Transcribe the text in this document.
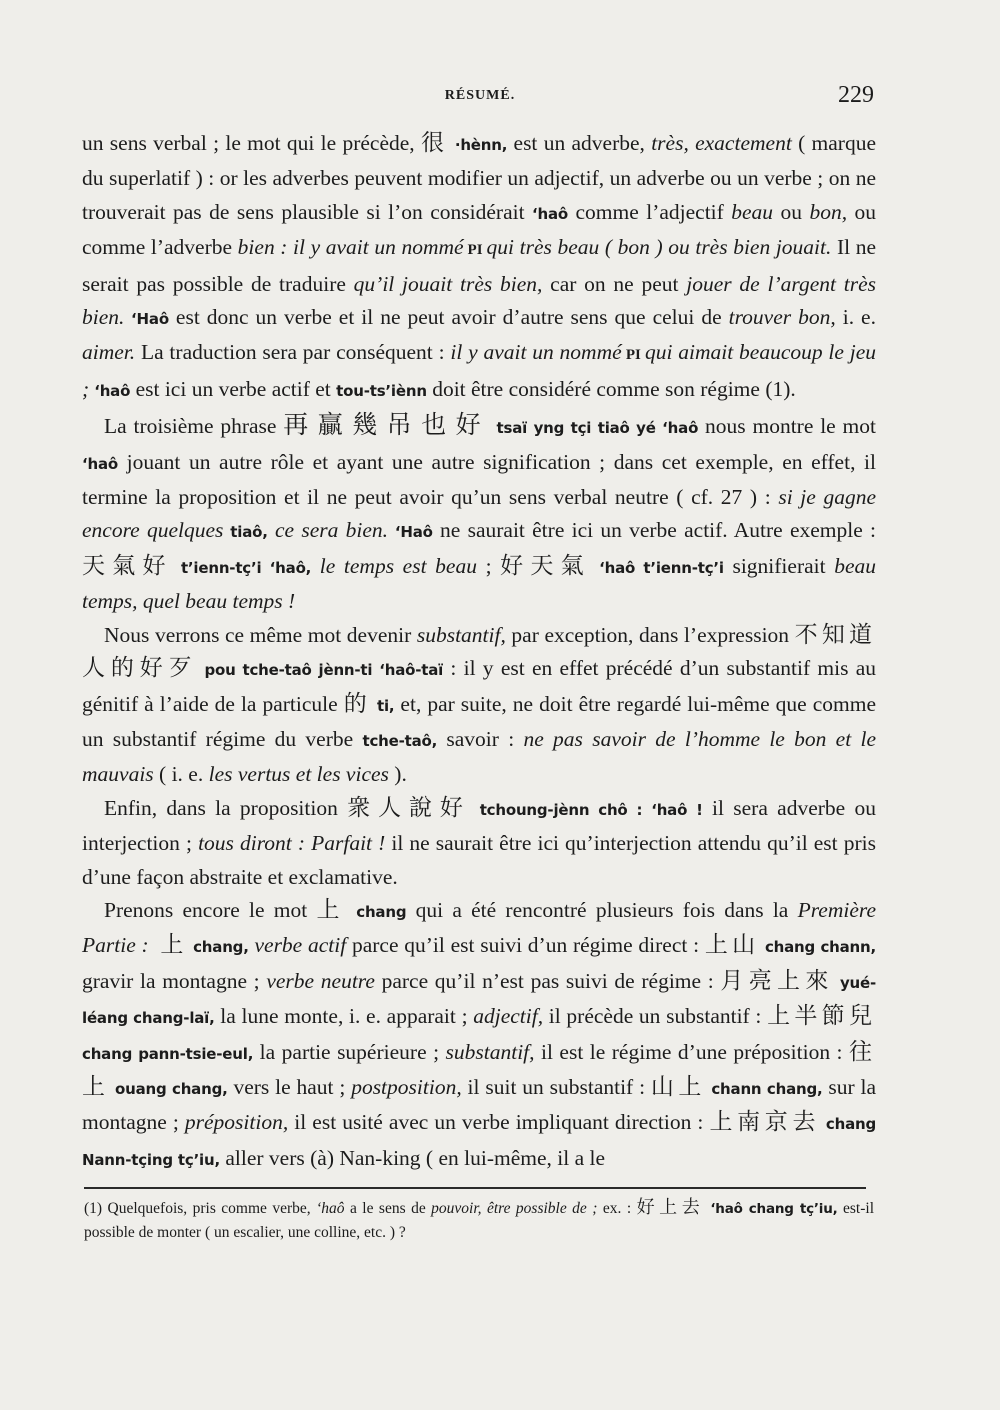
RÉSUMÉ.	229

un sens verbal ; le mot qui le précède, 很 ·hènn, est un adverbe, très, exactement ( marque du superlatif ) : or les adverbes peuvent modifier un adjectif, un adverbe ou un verbe ; on ne trouverait pas de sens plausible si l’on considérait ‘haô comme l’adjectif beau ou bon, ou comme l’adverbe bien : il y avait un nommé PI qui très beau ( bon ) ou très bien jouait. Il ne serait pas possible de traduire qu’il jouait très bien, car on ne peut jouer de l’argent très bien. ‘Haô est donc un verbe et il ne peut avoir d’autre sens que celui de trouver bon, i. e. aimer. La traduction sera par conséquent : il y avait un nommé PI qui aimait beaucoup le jeu ; ‘haô est ici un verbe actif et tou-ts’iènn doit être considéré comme son régime (1).

La troisième phrase 再贏幾吊也好 tsaï yng tçi tiaô yé ‘haô nous montre le mot ‘haô jouant un autre rôle et ayant une autre signification ; dans cet exemple, en effet, il termine la proposition et il ne peut avoir qu’un sens verbal neutre ( cf. 27 ) : si je gagne encore quelques tiaô, ce sera bien. ‘Haô ne saurait être ici un verbe actif. Autre exemple : 天氣好 t’ienn-tç’i ‘haô, le temps est beau ; 好天氣 ‘haô t’ienn-tç’i signifierait beau temps, quel beau temps !

Nous verrons ce même mot devenir substantif, par exception, dans l’expression 不知道人的好歹 pou tche-taô jènn-ti ‘haô-taï : il y est en effet précédé d’un substantif mis au génitif à l’aide de la particule 的 ti, et, par suite, ne doit être regardé lui-même que comme un substantif régime du verbe tche-taô, savoir : ne pas savoir de l’homme le bon et le mauvais ( i. e. les vertus et les vices ).

Enfin, dans la proposition 衆人說好 tchoung-jènn chô : ‘haô ! il sera adverbe ou interjection ; tous diront : Parfait ! il ne saurait être ici qu’interjection attendu qu’il est pris d’une façon abstraite et exclamative.

Prenons encore le mot 上 chang qui a été rencontré plusieurs fois dans la Première Partie : 上 chang, verbe actif parce qu’il est suivi d’un régime direct : 上山 chang chann, gravir la montagne ; verbe neutre parce qu’il n’est pas suivi de régime : 月亮上來 yué-léang chang-laï, la lune monte, i. e. apparait ; adjectif, il précède un substantif : 上半節兒 chang pann-tsie-eul, la partie supérieure ; substantif, il est le régime d’une préposition : 往上 ouang chang, vers le haut ; postposition, il suit un substantif : 山上 chann chang, sur la montagne ; préposition, il est usité avec un verbe impliquant direction : 上南京去 chang Nann-tçing tç’iu, aller vers (à) Nan-king ( en lui-même, il a le

(1) Quelquefois, pris comme verbe, ‘haô a le sens de pouvoir, être possible de ; ex. : 好上去 ‘haô chang tç’iu, est-il possible de monter ( un escalier, une colline, etc. ) ?
